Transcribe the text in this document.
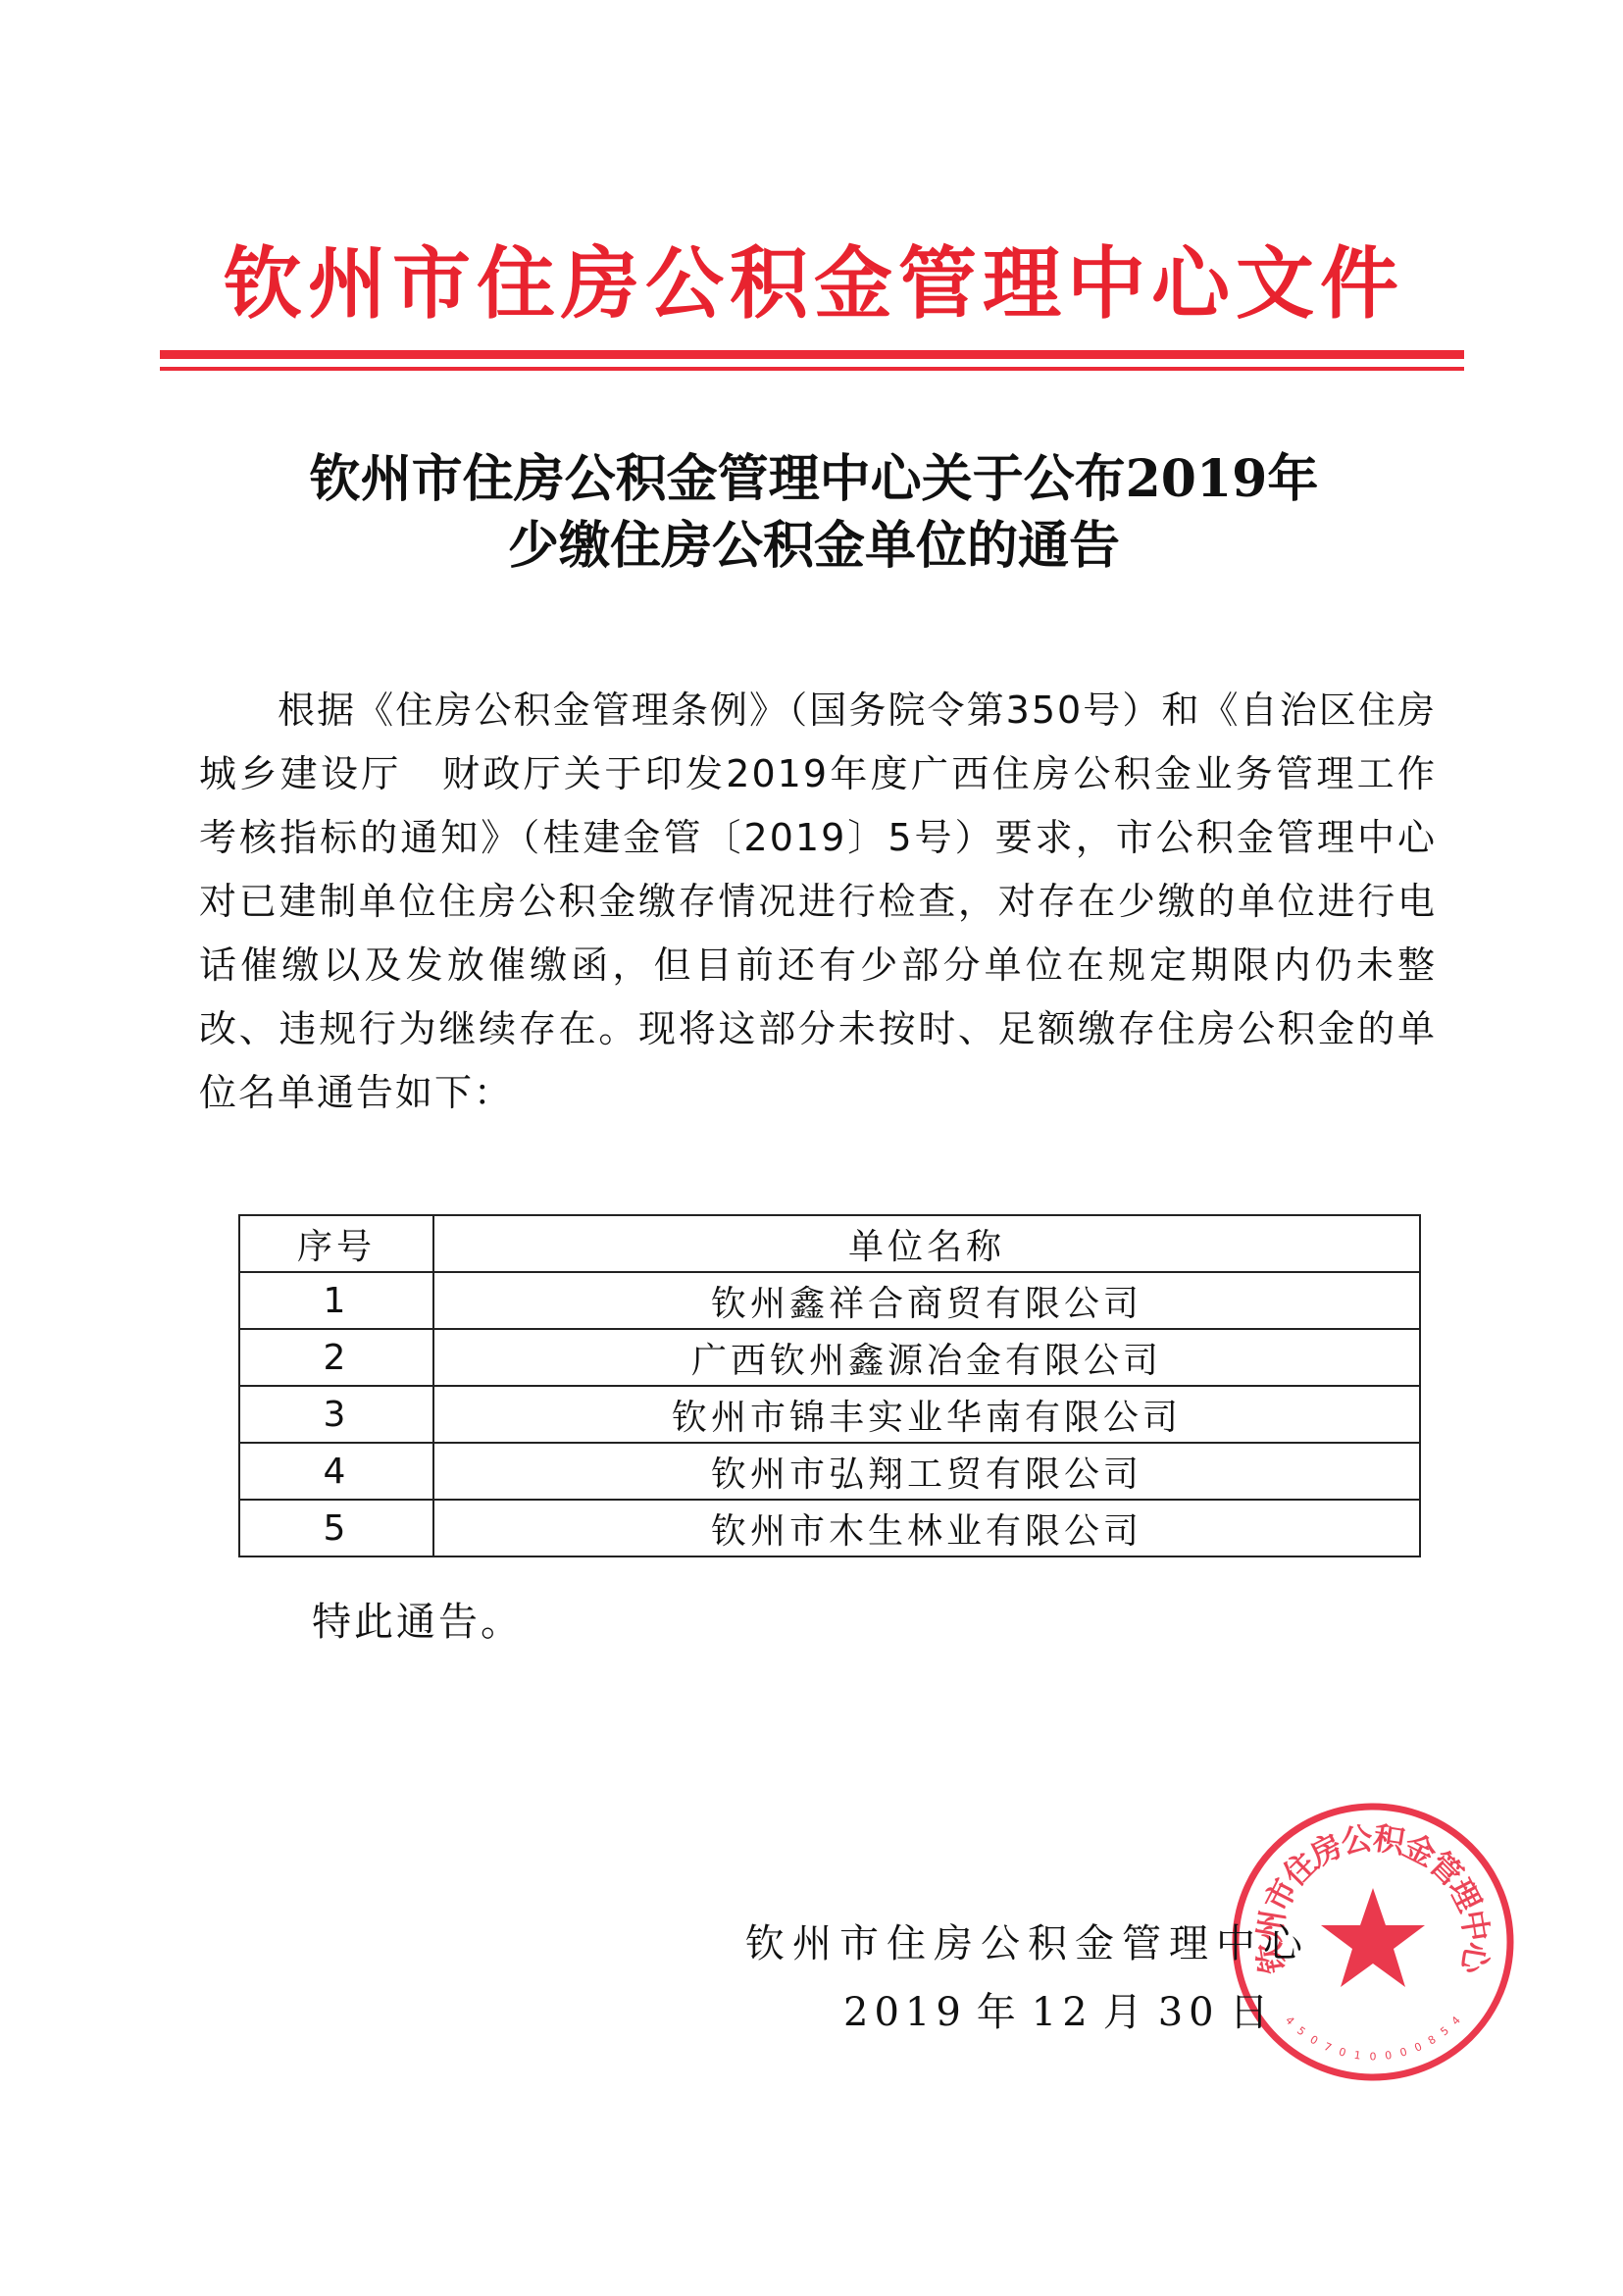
钦州市住房公积金管理中心文件
钦州市住房公积金管理中心关于公布2019年
少缴住房公积金单位的通告

根据《住房公积金管理条例》（国务院令第350号）和《自治区住房城乡建设厅　财政厅关于印发2019年度广西住房公积金业务管理工作考核指标的通知》（桂建金管〔2019〕5号）要求，市公积金管理中心对已建制单位住房公积金缴存情况进行检查，对存在少缴的单位进行电话催缴以及发放催缴函，但目前还有少部分单位在规定期限内仍未整改、违规行为继续存在。现将这部分未按时、足额缴存住房公积金的单位名单通告如下：

序号	单位名称
1	钦州鑫祥合商贸有限公司
2	广西钦州鑫源冶金有限公司
3	钦州市锦丰实业华南有限公司
4	钦州市弘翔工贸有限公司
5	钦州市木生林业有限公司
特此通告。
钦州市住房公积金管理中心
2019 年 12 月 30 日
